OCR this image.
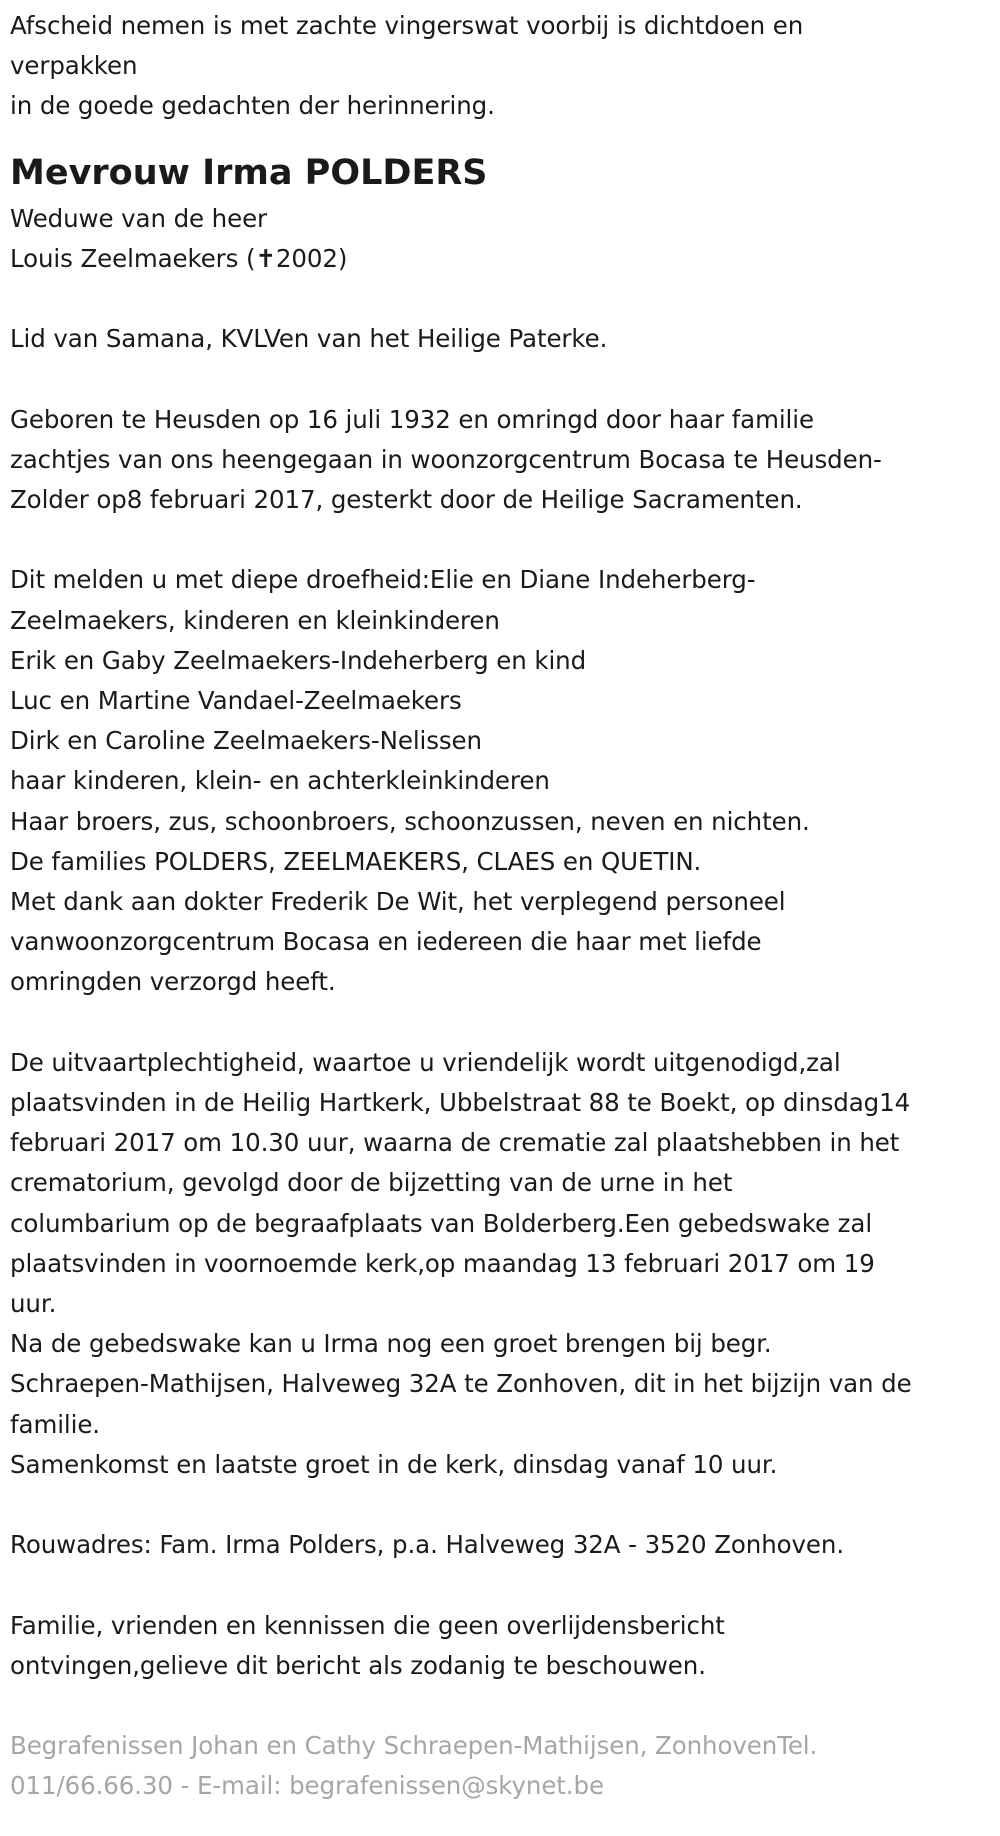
Afscheid nemen is met zachte vingerswat voorbij is dichtdoen en
verpakken
in de goede gedachten der herinnering.
Mevrouw Irma POLDERS
Weduwe van de heer
Louis Zeelmaekers (✝2002)
Lid van Samana, KVLVen van het Heilige Paterke.
Geboren te Heusden op 16 juli 1932 en omringd door haar familie
zachtjes van ons heengegaan in woonzorgcentrum Bocasa te Heusden-
Zolder op8 februari 2017, gesterkt door de Heilige Sacramenten.
Dit melden u met diepe droefheid:Elie en Diane Indeherberg-
Zeelmaekers, kinderen en kleinkinderen
Erik en Gaby Zeelmaekers-Indeherberg en kind
Luc en Martine Vandael-Zeelmaekers
Dirk en Caroline Zeelmaekers-Nelissen
haar kinderen, klein- en achterkleinkinderen
Haar broers, zus, schoonbroers, schoonzussen, neven en nichten.
De families POLDERS, ZEELMAEKERS, CLAES en QUETIN.
Met dank aan dokter Frederik De Wit, het verplegend personeel
vanwoonzorgcentrum Bocasa en iedereen die haar met liefde
omringden verzorgd heeft.
De uitvaartplechtigheid, waartoe u vriendelijk wordt uitgenodigd,zal
plaatsvinden in de Heilig Hartkerk, Ubbelstraat 88 te Boekt, op dinsdag14
februari 2017 om 10.30 uur, waarna de crematie zal plaatshebben in het
crematorium, gevolgd door de bijzetting van de urne in het
columbarium op de begraafplaats van Bolderberg.Een gebedswake zal
plaatsvinden in voornoemde kerk,op maandag 13 februari 2017 om 19
uur.
Na de gebedswake kan u Irma nog een groet brengen bij begr.
Schraepen-Mathijsen, Halveweg 32A te Zonhoven, dit in het bijzijn van de
familie.
Samenkomst en laatste groet in de kerk, dinsdag vanaf 10 uur.
Rouwadres: Fam. Irma Polders, p.a. Halveweg 32A - 3520 Zonhoven.
Familie, vrienden en kennissen die geen overlijdensbericht
ontvingen,gelieve dit bericht als zodanig te beschouwen.
Begrafenissen Johan en Cathy Schraepen-Mathijsen, ZonhovenTel.
011/66.66.30 - E-mail: begrafenissen@skynet.be
